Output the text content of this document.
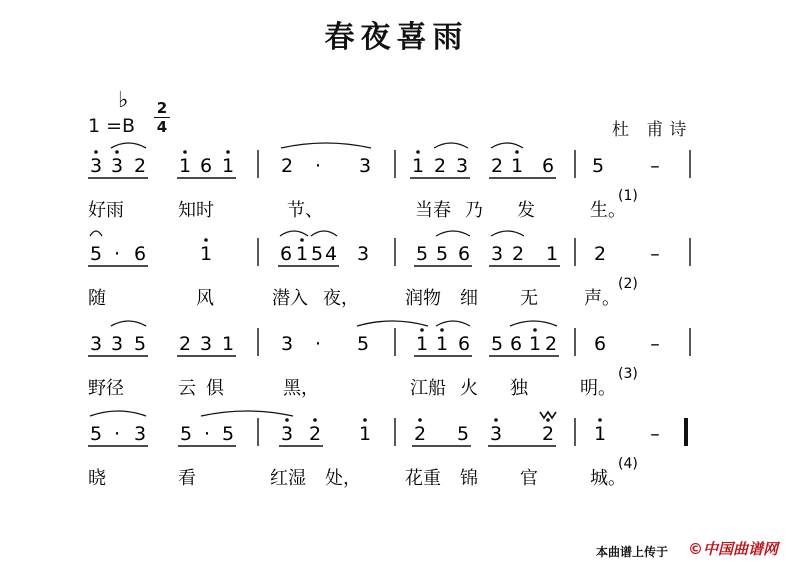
春夜喜雨
1 =B
♭ 2
4	杜 甫诗
3 3 2 1 6 1 2 · 3 1 2 3 2 1 6 5 –
好雨	知时	节、	当春 乃 发	生。
(1)
5 · 6	1	6 1 5 4 3 5 5 6 3 2 1 2 –
随	风	潜入 夜，	润物 细 无	声。
(2)
3 3 5 2 3 1 3 · 5 1 1 6 5 6 1 2 6 –
野径	云 俱	黑，	江船 火 独	明。
(3)
5 · 3 5 · 5 3 2 1 2 5 3 2 1 –
晓	看	红湿 处， 花重 锦 官	城。
(4)
本曲谱上传于 ©中国曲谱网
